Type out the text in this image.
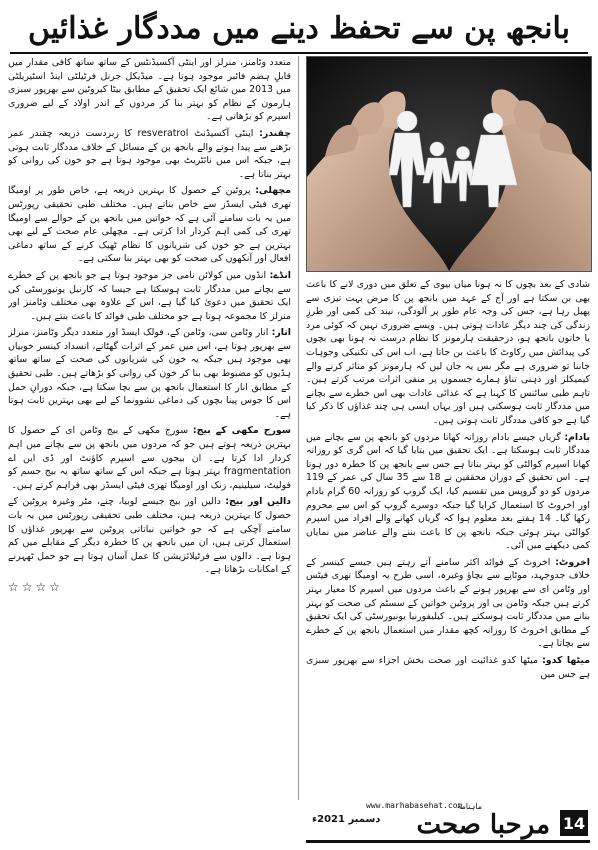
بانجھ پن سے تحفظ دینے میں مددگار غذائیں

متعدد وٹامنز، منرلز اور اینٹی آکسیڈنٹس کے ساتھ ساتھ کافی مقدار میں قابلِ ہضم فائبر موجود ہوتا ہے۔ میڈیکل جرنل فرٹیلٹی اینڈ اسٹیریلٹی میں 2013 میں شائع ایک تحقیق کے مطابق بیٹا کیروٹین سے بھرپور سبزی ہارمون کے نظام کو بہتر بنا کر مردوں کے اندر اولاد کے لیے ضروری اسپرم کو بڑھاتی ہے۔

چقندر: اینٹی آکسیڈنٹ resveratrol کا زبردست ذریعہ چقندر عمر بڑھنے سے پیدا ہونے والے بانجھ پن کے مسائل کے خلاف مددگار ثابت ہوتی ہے، جبکہ اس میں نائٹریٹ بھی موجود ہوتا ہے جو خون کی روانی کو بہتر بناتا ہے۔

مچھلی: پروٹین کے حصول کا بہترین ذریعہ ہے، خاص طور پر اومیگا تھری فیٹی ایسڈز سے خاص بناتے ہیں۔ مختلف طبی تحقیقی رپورٹس میں یہ بات سامنے آئی ہے کہ خواتین میں بانجھ پن کے حوالے سے اومیگا تھری کی کمی اہم کردار ادا کرتی ہے۔ مچھلی عام صحت کے لیے بھی بہترین ہے جو خون کی شریانوں کا نظام ٹھیک کرنے کے ساتھ دماغی افعال اور آنکھوں کی صحت کو بھی بہتر بنا سکتی ہے۔

انڈے: انڈوں میں کولائن نامی جز موجود ہوتا ہے جو بانجھ پن کے خطرے سے بچانے میں مددگار ثابت ہوسکتا ہے جیسا کہ کارنیل یونیورسٹی کی ایک تحقیق میں دعویٰ کیا گیا ہے، اس کے علاوہ بھی مختلف وٹامنز اور منرلز کا مجموعہ ہوتا ہے جو مختلف طبی فوائد کا باعث بنتے ہیں۔

انار: انار وٹامن سی، وٹامن کے، فولک ایسڈ اور متعدد دیگر وٹامنز، منرلز سے بھرپور ہوتا ہے، اس میں عمر کے اثرات گھٹانے، انسداد کینسر خوبیاں بھی موجود ہیں جبکہ یہ خون کی شریانوں کی صحت کے ساتھ ساتھ ہڈیوں کو مضبوط بھی بنا کر خون کی روانی کو بڑھاتے ہیں۔ طبی تحقیق کے مطابق انار کا استعمال بانجھ پن سے بچا سکتا ہے، جبکہ دورانِ حمل اس کا جوس پینا بچوں کی دماغی نشوونما کے لیے بھی بہترین ثابت ہوتا ہے۔

سورج مکھی کے بیج: سورج مکھی کے بیج وٹامن ای کے حصول کا بہترین ذریعہ ہوتے ہیں جو کہ مردوں میں بانجھ پن سے بچانے میں اہم کردار ادا کرتا ہے۔ ان بیجوں سے اسپرم کاؤنٹ اور ڈی این اے fragmentation بہتر ہوتا ہے جبکہ اس کے ساتھ ساتھ یہ بیج جسم کو فولیٹ، سیلینیم، زنک اور اومیگا تھری فیٹی ایسڈز بھی فراہم کرتے ہیں۔

دالیں اور بیج: دالیں اور بیج جیسے لوبیا، چنے، مٹر وغیرہ پروٹین کے حصول کا بہترین ذریعہ ہیں، مختلف طبی تحقیقی رپورٹس میں یہ بات سامنے آچکی ہے کہ جو خواتین نباتاتی پروٹین سے بھرپور غذاؤں کا استعمال کرتی ہیں، ان میں بانجھ پن کا خطرہ دیگر کے مقابلے میں کم ہوتا ہے۔ دالوں سے فرٹیلائزیشن کا عمل آسان ہوتا ہے جو حمل ٹھہرنے کے امکانات بڑھاتا ہے۔
☆☆☆☆

شادی کے بعد بچوں کا نہ ہونا میاں بیوی کے تعلق میں دوری لانے کا باعث بھی بن سکتا ہے اور آج کے عہد میں بانجھ پن کا مرض بہت تیزی سے پھیل رہا ہے، جس کی وجہ عام طور پر آلودگی، نیند کی کمی اور طرزِ زندگی کی چند دیگر عادات ہوتی ہیں۔ ویسے ضروری نہیں کہ کوئی مرد یا خاتون بانجھ ہو، درحقیقت ہارمونز کا نظام درست نہ ہونا بھی بچوں کی پیدائش میں رکاوٹ کا باعث بن جاتا ہے، اب اس کی تکنیکی وجوہات جاننا تو ضروری ہے مگر بس یہ جان لیں کہ ہارمونز کو متاثر کرنے والے کیمیکلز اور ذہنی تناؤ ہمارے جسموں پر منفی اثرات مرتب کرتے ہیں۔ تاہم طبی سائنس کا کہنا ہے کہ غذائی عادات بھی اس خطرے سے بچانے میں مددگار ثابت ہوسکتی ہیں اور یہاں ایسی ہی چند غذاؤں کا ذکر کیا گیا ہے جو کافی مددگار ثابت ہوتی ہیں۔

بادام: گریاں جیسے بادام روزانہ کھانا مردوں کو بانجھ پن سے بچانے میں مددگار ثابت ہوسکتا ہے۔ ایک تحقیق میں بتایا گیا کہ اس گری کو روزانہ کھانا اسپرم کوالٹی کو بہتر بناتا ہے جس سے بانجھ پن کا خطرہ دور ہوتا ہے۔ اس تحقیق کے دوران محققین نے 18 سے 35 سال کی عمر کے 119 مردوں کو دو گروپس میں تقسیم کیا، ایک گروپ کو روزانہ 60 گرام بادام اور اخروٹ کا استعمال کرایا گیا جبکہ دوسرے گروپ کو اس سے محروم رکھا گیا۔ 14 ہفتے بعد معلوم ہوا کہ گریاں کھانے والے افراد میں اسپرم کوالٹی بہتر ہوئی جبکہ بانجھ پن کا باعث بننے والے عناصر میں نمایاں کمی دیکھنے میں آئی۔

اخروٹ: اخروٹ کے فوائد اکثر سامنے آتے رہتے ہیں جیسے کینسر کے خلاف جدوجہد، موٹاپے سے بچاؤ وغیرہ، اسی طرح یہ اومیگا تھری فیٹس اور وٹامن ای سے بھرپور ہونے کے باعث مردوں میں اسپرم کا معیار بہتر کرتے ہیں جبکہ وٹامن بی اور پروٹین خواتین کے سسٹم کی صحت کو بہتر بنانے میں مددگار ثابت ہوسکتے ہیں۔ کیلیفورنیا یونیورسٹی کی ایک تحقیق کے مطابق اخروٹ کا روزانہ کچھ مقدار میں استعمال بانجھ پن کے خطرے سے بچاتا ہے۔

میٹھا کدو: میٹھا کدو غذائیت اور صحت بخش اجزاء سے بھرپور سبزی ہے جس میں

www.marhabasehat.com
ماہنامہ
مرحبا صحت 14
دسمبر 2021ء
